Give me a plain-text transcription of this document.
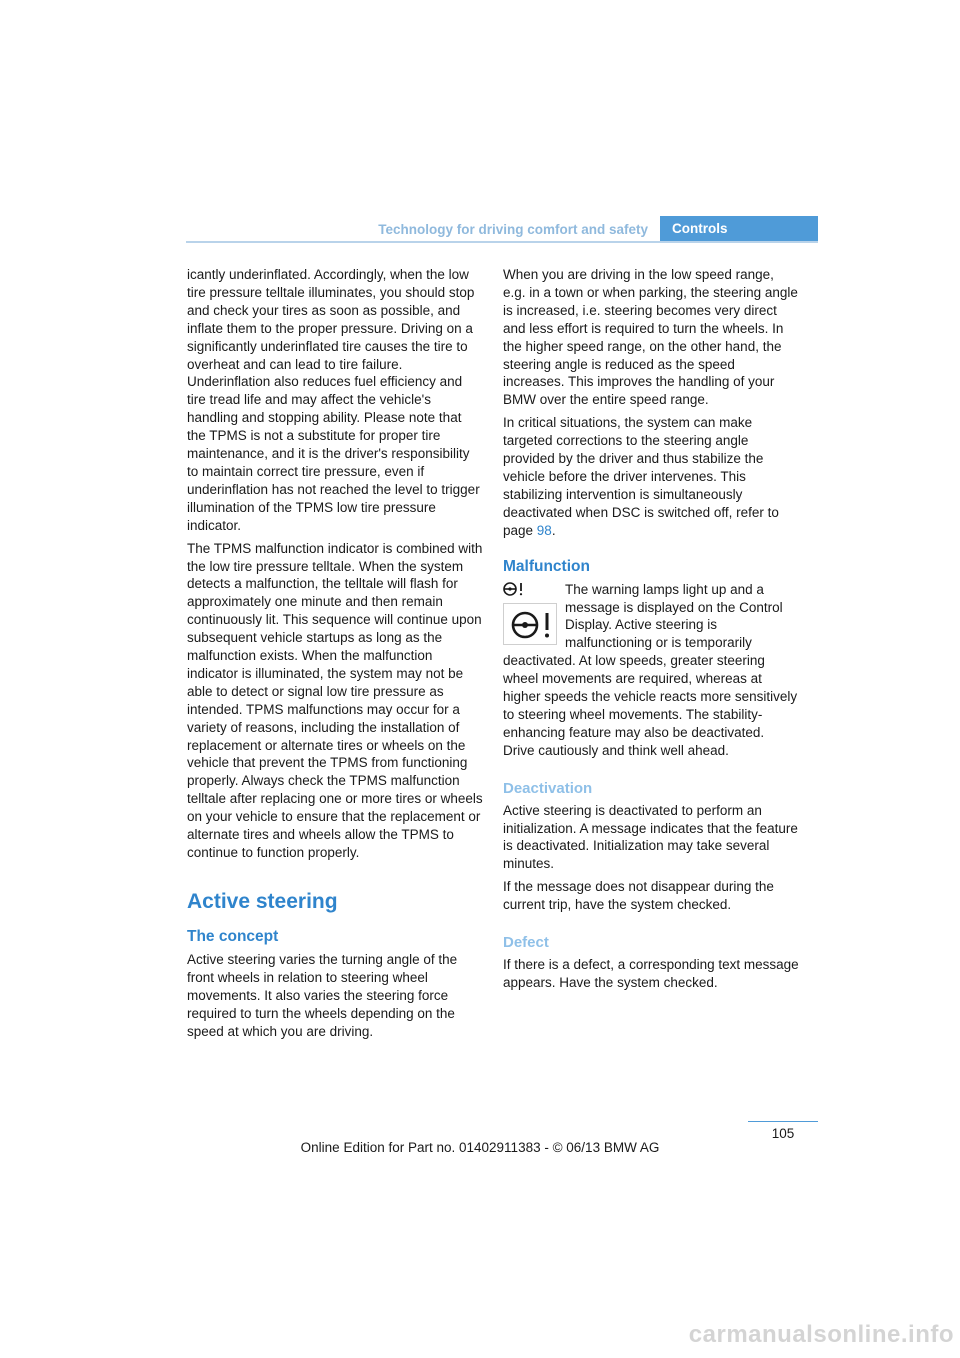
Technology for driving comfort and safety	Controls

icantly underinflated. Accordingly, when the low tire pressure telltale illuminates, you should stop and check your tires as soon as possible, and inflate them to the proper pressure. Driving on a significantly underinflated tire causes the tire to overheat and can lead to tire failure. Underinflation also reduces fuel efficiency and tire tread life and may affect the vehicle's handling and stopping ability. Please note that the TPMS is not a substitute for proper tire maintenance, and it is the driver's responsibility to maintain correct tire pressure, even if underinflation has not reached the level to trigger illumination of the TPMS low tire pressure indicator.

The TPMS malfunction indicator is combined with the low tire pressure telltale. When the system detects a malfunction, the telltale will flash for approximately one minute and then remain continuously lit. This sequence will continue upon subsequent vehicle startups as long as the malfunction exists. When the malfunction indicator is illuminated, the system may not be able to detect or signal low tire pressure as intended. TPMS malfunctions may occur for a variety of reasons, including the installation of replacement or alternate tires or wheels on the vehicle that prevent the TPMS from functioning properly. Always check the TPMS malfunction telltale after replacing one or more tires or wheels on your vehicle to ensure that the replacement or alternate tires and wheels allow the TPMS to continue to function properly.

Active steering
The concept

Active steering varies the turning angle of the front wheels in relation to steering wheel movements. It also varies the steering force required to turn the wheels depending on the speed at which you are driving.

When you are driving in the low speed range, e.g. in a town or when parking, the steering angle is increased, i.e. steering becomes very direct and less effort is required to turn the wheels. In the higher speed range, on the other hand, the steering angle is reduced as the speed increases. This improves the handling of your BMW over the entire speed range.

In critical situations, the system can make targeted corrections to the steering angle provided by the driver and thus stabilize the vehicle before the driver intervenes. This stabilizing intervention is simultaneously deactivated when DSC is switched off, refer to page 98.

Malfunction

The warning lamps light up and a message is displayed on the Control Display. Active steering is malfunctioning or is temporarily deactivated. At low speeds, greater steering wheel movements are required, whereas at higher speeds the vehicle reacts more sensitively to steering wheel movements. The stability-enhancing feature may also be deactivated. Drive cautiously and think well ahead.

Deactivation

Active steering is deactivated to perform an initialization. A message indicates that the feature is deactivated. Initialization may take several minutes.

If the message does not disappear during the current trip, have the system checked.

Defect

If there is a defect, a corresponding text message appears. Have the system checked.

105
Online Edition for Part no. 01402911383 - © 06/13 BMW AG
carmanualsonline.info
